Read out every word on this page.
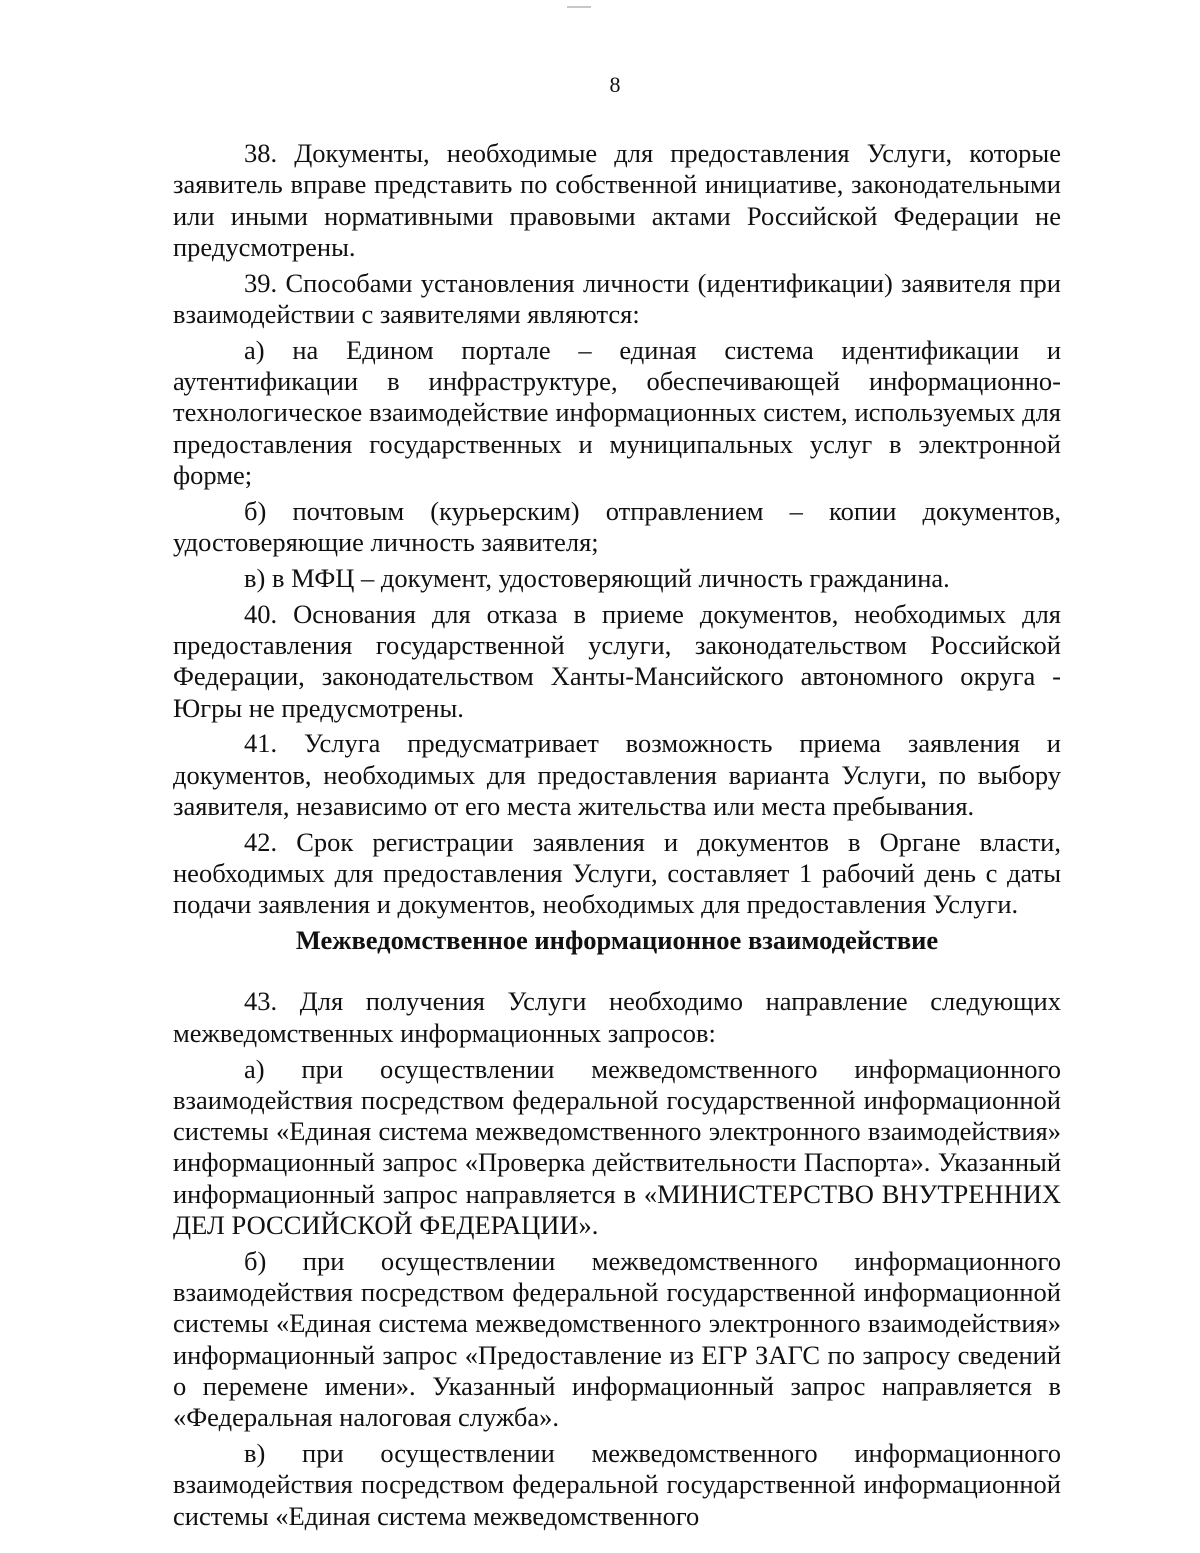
8

38. Документы, необходимые для предоставления Услуги, которые заявитель вправе представить по собственной инициативе, законодательными или иными нормативными правовыми актами Российской Федерации не предусмотрены.

39. Способами установления личности (идентификации) заявителя при взаимодействии с заявителями являются:

а) на Едином портале – единая система идентификации и аутентификации в инфраструктуре, обеспечивающей информационно-технологическое взаимодействие информационных систем, используемых для предоставления государственных и муниципальных услуг в электронной форме;

б) почтовым (курьерским) отправлением – копии документов, удостоверяющие личность заявителя;

в) в МФЦ – документ, удостоверяющий личность гражданина.

40. Основания для отказа в приеме документов, необходимых для предоставления государственной услуги, законодательством Российской Федерации, законодательством Ханты-Мансийского автономного округа - Югры не предусмотрены.

41. Услуга предусматривает возможность приема заявления и документов, необходимых для предоставления варианта Услуги, по выбору заявителя, независимо от его места жительства или места пребывания.

42. Срок регистрации заявления и документов в Органе власти, необходимых для предоставления Услуги, составляет 1 рабочий день с даты подачи заявления и документов, необходимых для предоставления Услуги.

Межведомственное информационное взаимодействие

43. Для получения Услуги необходимо направление следующих межведомственных информационных запросов:

а) при осуществлении межведомственного информационного взаимодействия посредством федеральной государственной информационной системы «Единая система межведомственного электронного взаимодействия» информационный запрос «Проверка действительности Паспорта». Указанный информационный запрос направляется в «МИНИСТЕРСТВО ВНУТРЕННИХ ДЕЛ РОССИЙСКОЙ ФЕДЕРАЦИИ».

б) при осуществлении межведомственного информационного взаимодействия посредством федеральной государственной информационной системы «Единая система межведомственного электронного взаимодействия» информационный запрос «Предоставление из ЕГР ЗАГС по запросу сведений о перемене имени». Указанный информационный запрос направляется в «Федеральная налоговая служба».

в) при осуществлении межведомственного информационного взаимодействия посредством федеральной государственной информационной системы «Единая система межведомственного
